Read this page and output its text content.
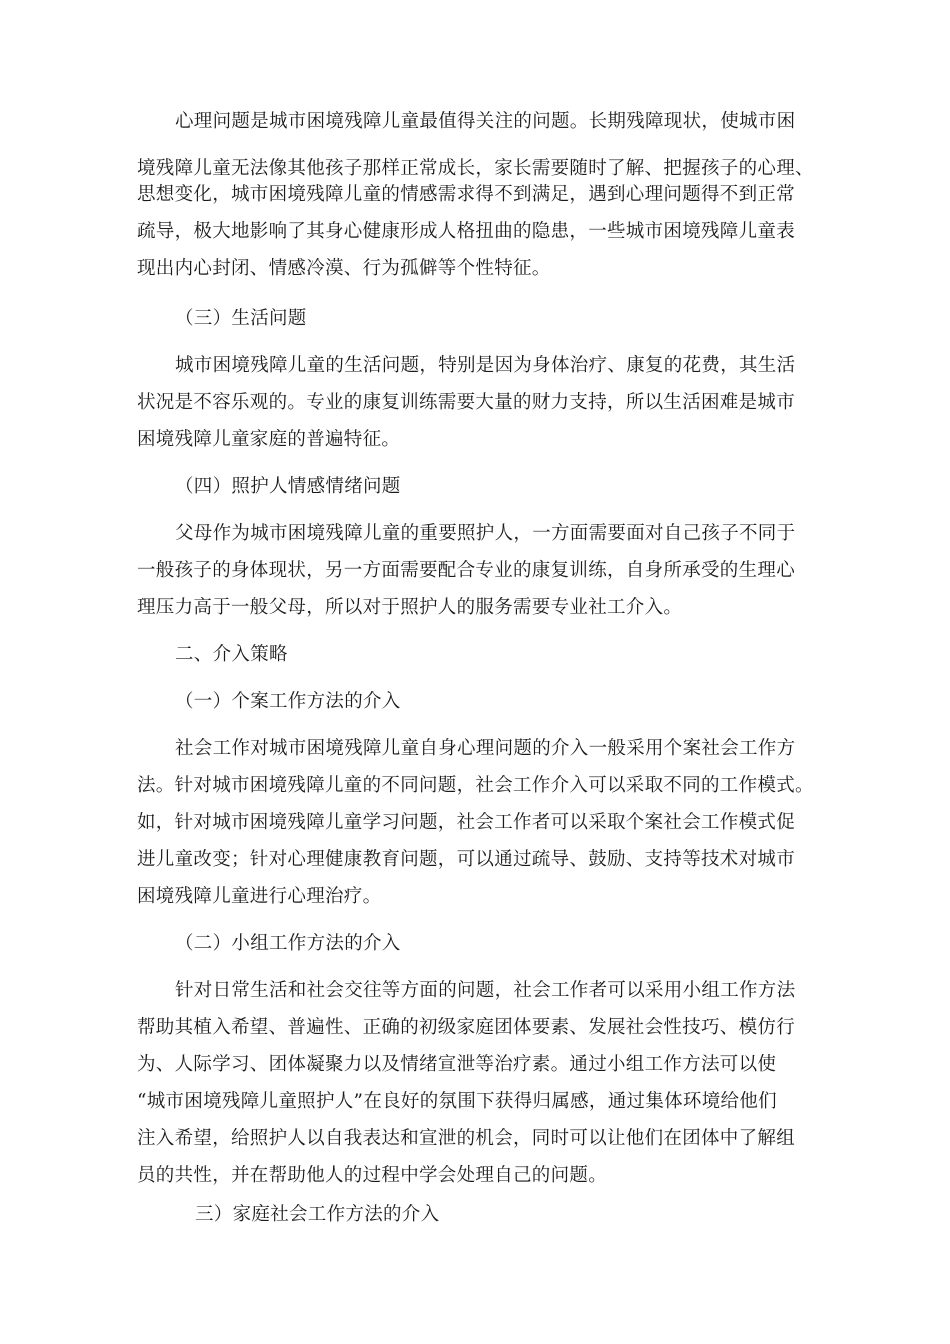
心理问题是城市困境残障儿童最值得关注的问题。长期残障现状，使城市困
境残障儿童无法像其他孩子那样正常成长，家长需要随时了解、把握孩子的心理、
思想变化，城市困境残障儿童的情感需求得不到满足，遇到心理问题得不到正常
疏导，极大地影响了其身心健康形成人格扭曲的隐患，一些城市困境残障儿童表
现出内心封闭、情感冷漠、行为孤僻等个性特征。
（三）生活问题
城市困境残障儿童的生活问题，特别是因为身体治疗、康复的花费，其生活
状况是不容乐观的。专业的康复训练需要大量的财力支持，所以生活困难是城市
困境残障儿童家庭的普遍特征。
（四）照护人情感情绪问题
父母作为城市困境残障儿童的重要照护人，一方面需要面对自己孩子不同于
一般孩子的身体现状，另一方面需要配合专业的康复训练，自身所承受的生理心
理压力高于一般父母，所以对于照护人的服务需要专业社工介入。
二、介入策略
（一）个案工作方法的介入
社会工作对城市困境残障儿童自身心理问题的介入一般采用个案社会工作方
法。针对城市困境残障儿童的不同问题，社会工作介入可以采取不同的工作模式。
如，针对城市困境残障儿童学习问题，社会工作者可以采取个案社会工作模式促
进儿童改变；针对心理健康教育问题，可以通过疏导、鼓励、支持等技术对城市
困境残障儿童进行心理治疗。
（二）小组工作方法的介入
针对日常生活和社会交往等方面的问题，社会工作者可以采用小组工作方法
帮助其植入希望、普遍性、正确的初级家庭团体要素、发展社会性技巧、模仿行
为、人际学习、团体凝聚力以及情绪宣泄等治疗素。通过小组工作方法可以使
“城市困境残障儿童照护人”在良好的氛围下获得归属感，通过集体环境给他们
注入希望，给照护人以自我表达和宣泄的机会，同时可以让他们在团体中了解组
员的共性，并在帮助他人的过程中学会处理自己的问题。
三）家庭社会工作方法的介入
